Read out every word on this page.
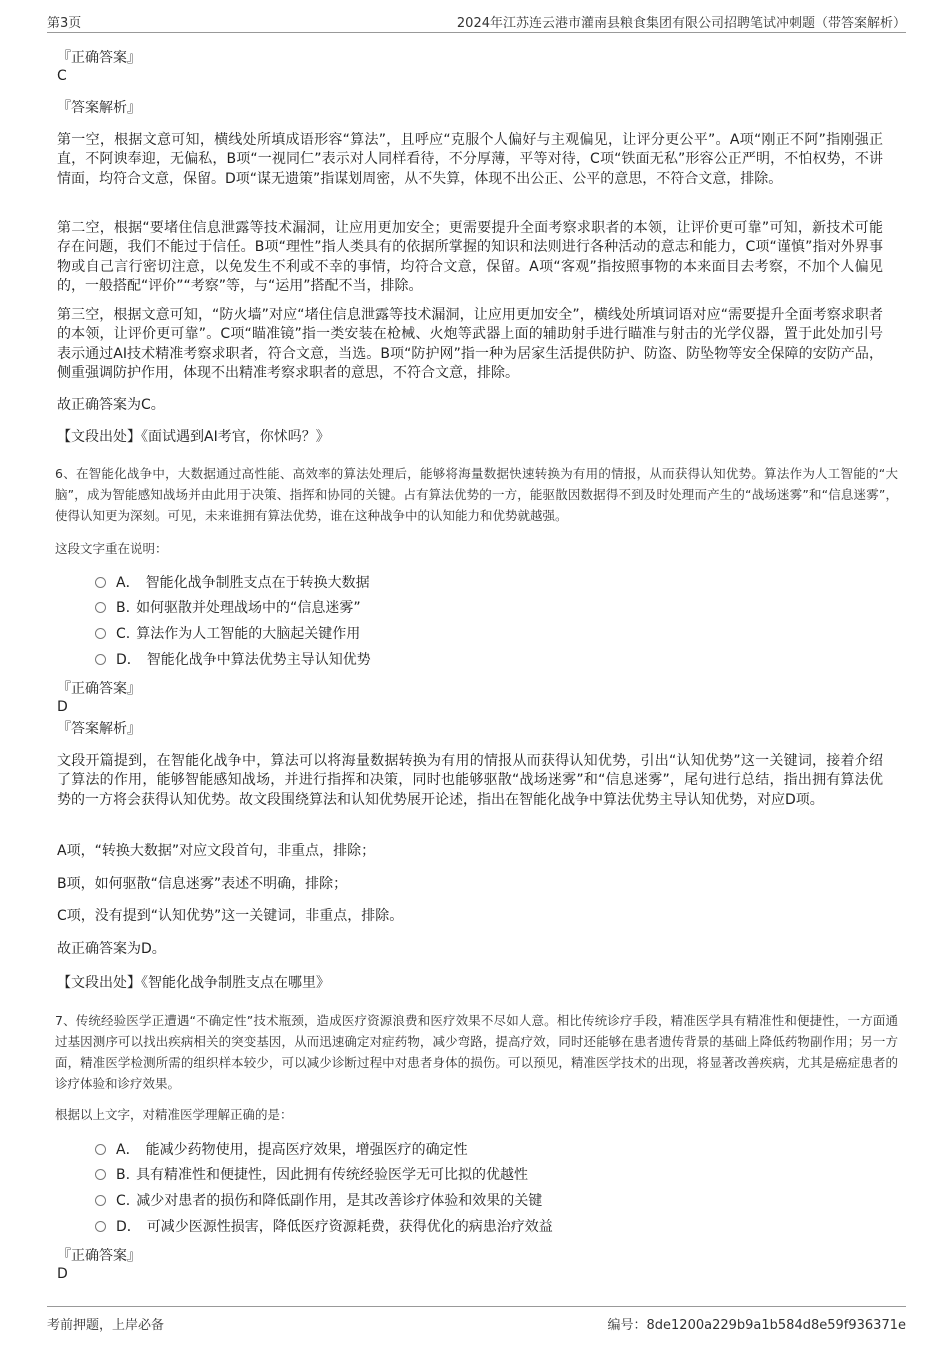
第3页	2024年江苏连云港市灌南县粮食集团有限公司招聘笔试冲刺题（带答案解析）
『正确答案』
C
『答案解析』
第一空，根据文意可知，横线处所填成语形容“算法”，且呼应“克服个人偏好与主观偏见，让评分更公平”。A项“刚正不阿”指刚强正直，不阿谀奉迎，无偏私，B项“一视同仁”表示对人同样看待，不分厚薄，平等对待，C项“铁面无私”形容公正严明，不怕权势，不讲情面，均符合文意，保留。D项“谋无遗策”指谋划周密，从不失算，体现不出公正、公平的意思，不符合文意，排除。
第二空，根据“要堵住信息泄露等技术漏洞，让应用更加安全；更需要提升全面考察求职者的本领，让评价更可靠”可知，新技术可能存在问题，我们不能过于信任。B项“理性”指人类具有的依据所掌握的知识和法则进行各种活动的意志和能力，C项“谨慎”指对外界事物或自己言行密切注意，以免发生不利或不幸的事情，均符合文意，保留。A项“客观”指按照事物的本来面目去考察，不加个人偏见的，一般搭配“评价”“考察”等，与“运用”搭配不当，排除。
第三空，根据文意可知，“防火墙”对应“堵住信息泄露等技术漏洞，让应用更加安全”，横线处所填词语对应“需要提升全面考察求职者的本领，让评价更可靠”。C项“瞄准镜”指一类安装在枪械、火炮等武器上面的辅助射手进行瞄准与射击的光学仪器，置于此处加引号表示通过AI技术精准考察求职者，符合文意，当选。B项“防护网”指一种为居家生活提供防护、防盗、防坠物等安全保障的安防产品，侧重强调防护作用，体现不出精准考察求职者的意思，不符合文意，排除。
故正确答案为C。
【文段出处】《面试遇到AI考官，你怵吗？》
6、在智能化战争中，大数据通过高性能、高效率的算法处理后，能够将海量数据快速转换为有用的情报，从而获得认知优势。算法作为人工智能的“大脑”，成为智能感知战场并由此用于决策、指挥和协同的关键。占有算法优势的一方，能驱散因数据得不到及时处理而产生的“战场迷雾”和“信息迷雾”，使得认知更为深刻。可见，未来谁拥有算法优势，谁在这种战争中的认知能力和优势就越强。
这段文字重在说明：
A． 智能化战争制胜支点在于转换大数据
B. 如何驱散并处理战场中的“信息迷雾”
C. 算法作为人工智能的大脑起关键作用
D． 智能化战争中算法优势主导认知优势
『正确答案』
D
『答案解析』
文段开篇提到，在智能化战争中，算法可以将海量数据转换为有用的情报从而获得认知优势，引出“认知优势”这一关键词，接着介绍了算法的作用，能够智能感知战场，并进行指挥和决策，同时也能够驱散“战场迷雾”和“信息迷雾”，尾句进行总结，指出拥有算法优势的一方将会获得认知优势。故文段围绕算法和认知优势展开论述，指出在智能化战争中算法优势主导认知优势，对应D项。
A项，“转换大数据”对应文段首句，非重点，排除；
B项，如何驱散“信息迷雾”表述不明确，排除；
C项，没有提到“认知优势”这一关键词，非重点，排除。
故正确答案为D。
【文段出处】《智能化战争制胜支点在哪里》
7、传统经验医学正遭遇“不确定性”技术瓶颈，造成医疗资源浪费和医疗效果不尽如人意。相比传统诊疗手段，精准医学具有精准性和便捷性，一方面通过基因测序可以找出疾病相关的突变基因，从而迅速确定对症药物，减少弯路，提高疗效，同时还能够在患者遗传背景的基础上降低药物副作用；另一方面，精准医学检测所需的组织样本较少，可以减少诊断过程中对患者身体的损伤。可以预见，精准医学技术的出现，将显著改善疾病，尤其是癌症患者的诊疗体验和诊疗效果。
根据以上文字，对精准医学理解正确的是：
A． 能减少药物使用，提高医疗效果，增强医疗的确定性
B. 具有精准性和便捷性，因此拥有传统经验医学无可比拟的优越性
C. 减少对患者的损伤和降低副作用，是其改善诊疗体验和效果的关键
D． 可减少医源性损害，降低医疗资源耗费，获得优化的病患治疗效益
『正确答案』
D
考前押题，上岸必备	编号：8de1200a229b9a1b584d8e59f936371e
